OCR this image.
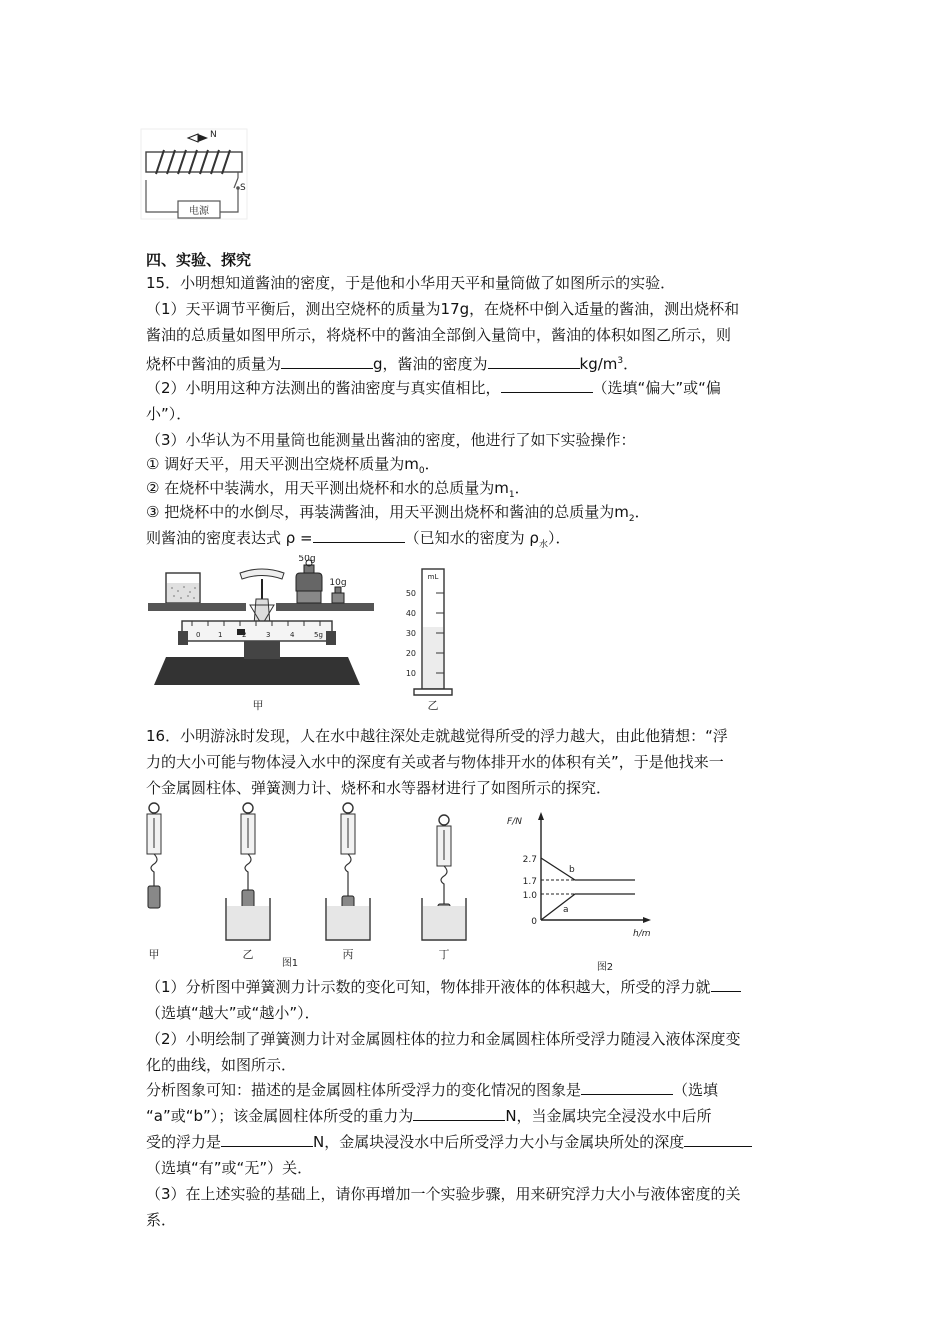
电源
N
S
四、实验、探究
15．小明想知道酱油的密度，于是他和小华用天平和量筒做了如图所示的实验．
（1）天平调节平衡后，测出空烧杯的质量为17g，在烧杯中倒入适量的酱油，测出烧杯和
酱油的总质量如图甲所示，将烧杯中的酱油全部倒入量筒中，酱油的体积如图乙所示，则
烧杯中酱油的质量为	g，酱油的密度为	$kg/m^3$．
（2）小明用这种方法测出的酱油密度与真实值相比，	（选填“偏大”或“偏
小”）．
（3）小华认为不用量筒也能测量出酱油的密度，他进行了如下实验操作：
① 调好天平，用天平测出空烧杯质量为$m_0$．
② 在烧杯中装满水，用天平测出烧杯和水的总质量为$m_1$．
③ 把烧杯中的水倒尽，再装满酱油，用天平测出烧杯和酱油的总质量为$m_2$．
则酱油的密度表达式 ρ =	（已知水的密度为 $\rho_水$）．
50g
10g
0	1	2	3	4	5g
甲
mL
50
40
30
20
10
乙
16．小明游泳时发现，人在水中越往深处走就越觉得所受的浮力越大，由此他猜想：“浮
力的大小可能与物体浸入水中的深度有关或者与物体排开水的体积有关”，于是他找来一
个金属圆柱体、弹簧测力计、烧杯和水等器材进行了如图所示的探究．
甲	乙	丙	丁
图1
F/N
h/m
2.7
1.7
1.0
0
b
a
图2
（1）分析图中弹簧测力计示数的变化可知，物体排开液体的体积越大，所受的浮力就
（选填“越大”或“越小”）．
（2）小明绘制了弹簧测力计对金属圆柱体的拉力和金属圆柱体所受浮力随浸入液体深度变
化的曲线，如图所示．
分析图象可知：描述的是金属圆柱体所受浮力的变化情况的图象是	（选填
“a”或“b”）；该金属圆柱体所受的重力为	N，当金属块完全浸没水中后所
受的浮力是	N，金属块浸没水中后所受浮力大小与金属块所处的深度
（选填“有”或“无”）关．
（3）在上述实验的基础上，请你再增加一个实验步骤，用来研究浮力大小与液体密度的关
系．
